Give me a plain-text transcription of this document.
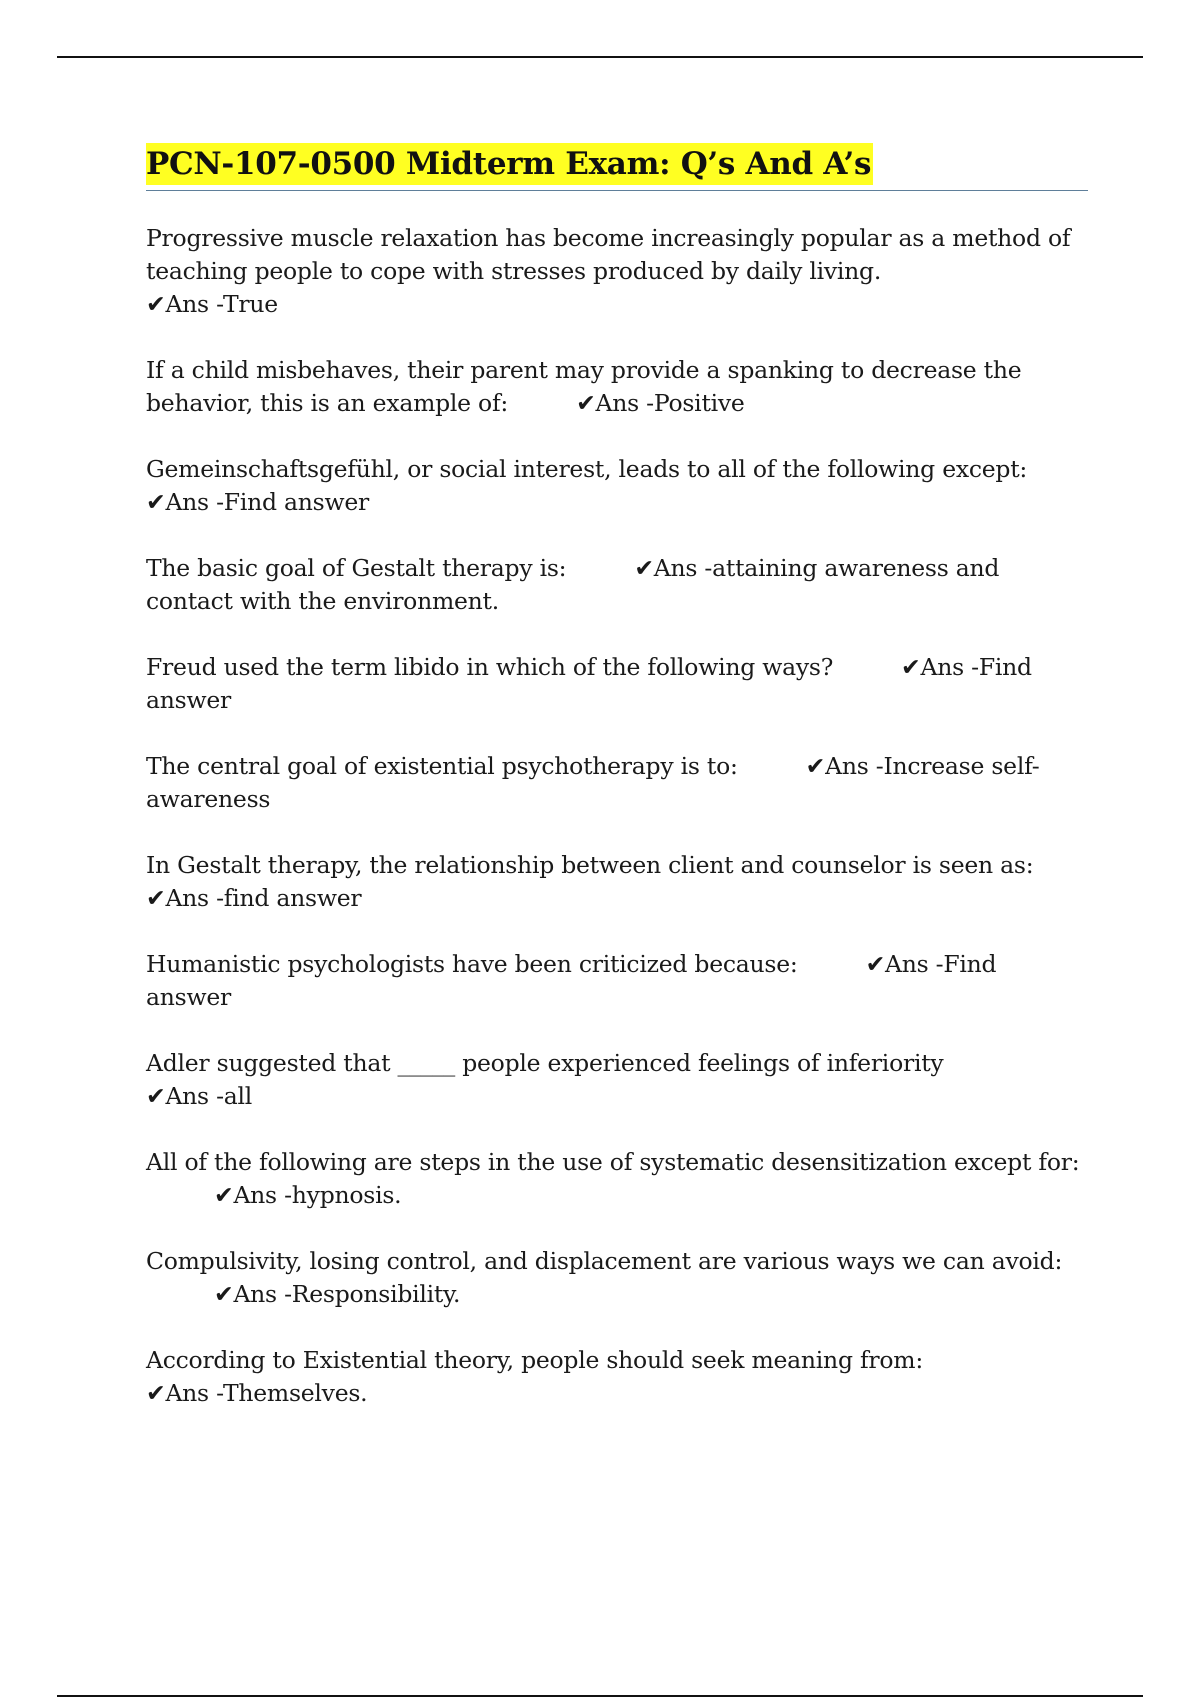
PCN-107-0500 Midterm Exam: Q’s And A’s

Progressive muscle relaxation has become increasingly popular as a method of teaching people to cope with stresses produced by daily living.
✔Ans -True

If a child misbehaves, their parent may provide a spanking to decrease the behavior, this is an example of:	✔Ans -Positive

Gemeinschaftsgefühl, or social interest, leads to all of the following except:
✔Ans -Find answer

The basic goal of Gestalt therapy is:	✔Ans -attaining awareness and contact with the environment.

Freud used the term libido in which of the following ways?	✔Ans -Find answer

The central goal of existential psychotherapy is to:	✔Ans -Increase self-awareness

In Gestalt therapy, the relationship between client and counselor is seen as:
✔Ans -find answer

Humanistic psychologists have been criticized because:	✔Ans -Find answer

Adler suggested that _____ people experienced feelings of inferiority
✔Ans -all

All of the following are steps in the use of systematic desensitization except for:✔Ans -hypnosis.

Compulsivity, losing control, and displacement are various ways we can avoid:✔Ans -Responsibility.

According to Existential theory, people should seek meaning from:
✔Ans -Themselves.
